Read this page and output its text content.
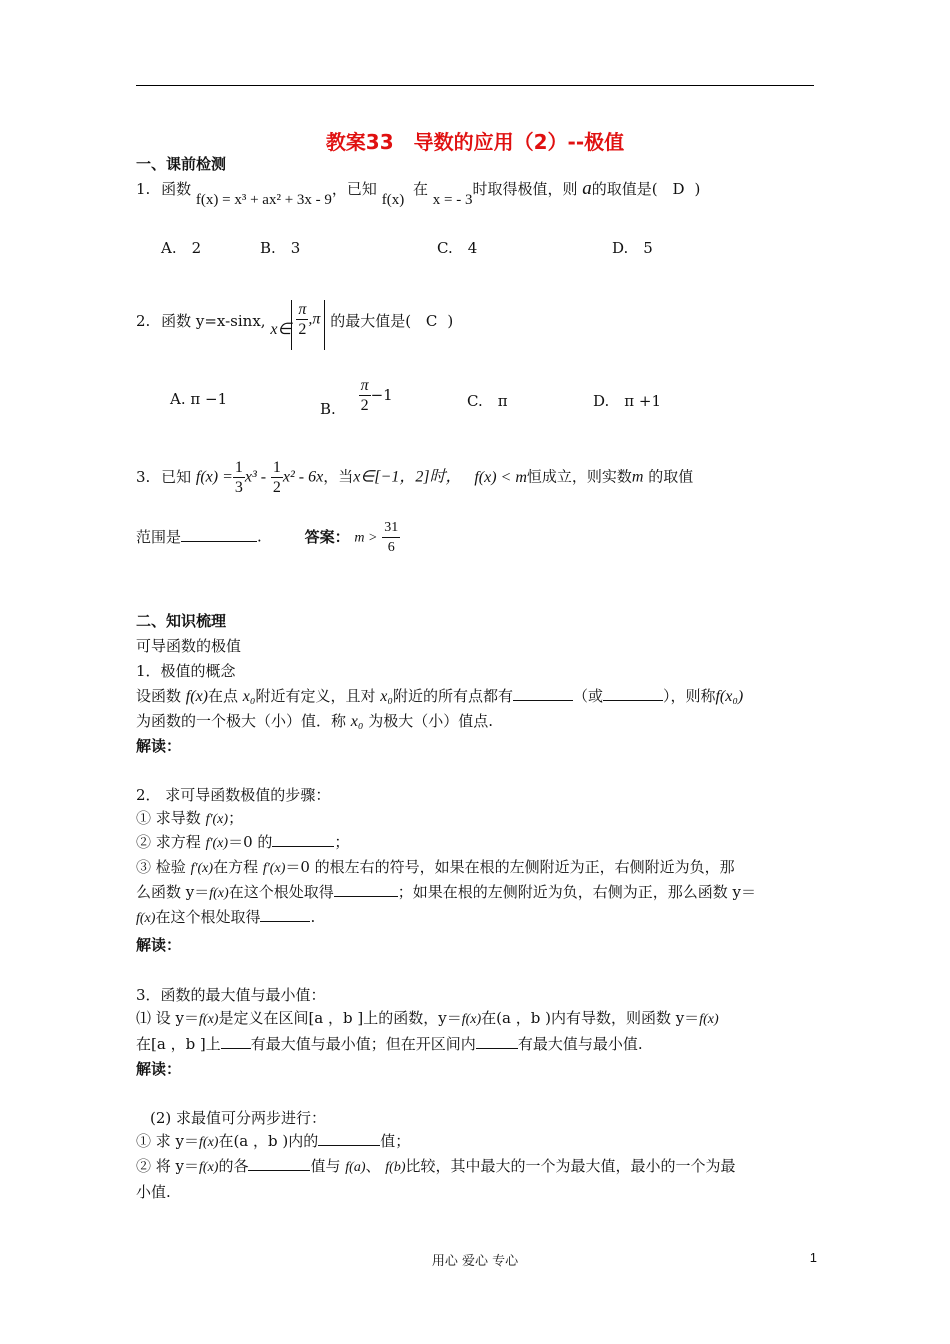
教案33　导数的应用（2）--极值
一、课前检测
1. 函数 f(x) = x³ + ax² + 3x - 9，已知 f(x) 在 x = - 3时取得极值，则 a的取值是( D )
A.　2	B.　3	C.　4	D.　5
2. 函数 y=x-sinx, x∈ $\frac{\pi}{2} ,\pi$ 的最大值是( C )
A. π −1
B. $\frac{\pi}{2} -1$	C.　π	D.　π +1
3. 已知 $f(x) = \frac{1}{3} x^3 - \frac{1}{2} x^2 - 6x$，当x∈[−1，2]时， f(x) < m恒成立，则实数m 的取值
范围是	.	答案： $m > \frac{31}{6}$
二、知识梳理
可导函数的极值
1．极值的概念
设函数 f(x)在点 x₀附近有定义，且对 x₀附近的所有点都有	（或	），则称f(x₀)
为函数的一个极大（小）值．称 x₀ 为极大（小）值点.
解读：
2． 求可导函数极值的步骤：
① 求导数 f′(x)；
② 求方程 f′(x)＝0 的	；
③ 检验 f′(x)在方程 f′(x)＝0 的根左右的符号，如果在根的左侧附近为正，右侧附近为负，那
么函数 y＝f(x)在这个根处取得	；如果在根的左侧附近为负，右侧为正，那么函数 y＝
f(x)在这个根处取得	.
解读：
3．函数的最大值与最小值：
⑴ 设 y＝f(x)是定义在区间[a ，b ]上的函数，y＝f(x)在(a ，b )内有导数，则函数 y＝f(x)
在[a ，b ]上 有最大值与最小值；但在开区间内	有最大值与最小值.
解读：
(2) 求最值可分两步进行：
① 求 y＝f(x)在(a ，b )内的	值；
② 将 y＝f(x)的各	值与 f(a)、 f(b)比较，其中最大的一个为最大值，最小的一个为最
小值.
用心 爱心 专心	1
